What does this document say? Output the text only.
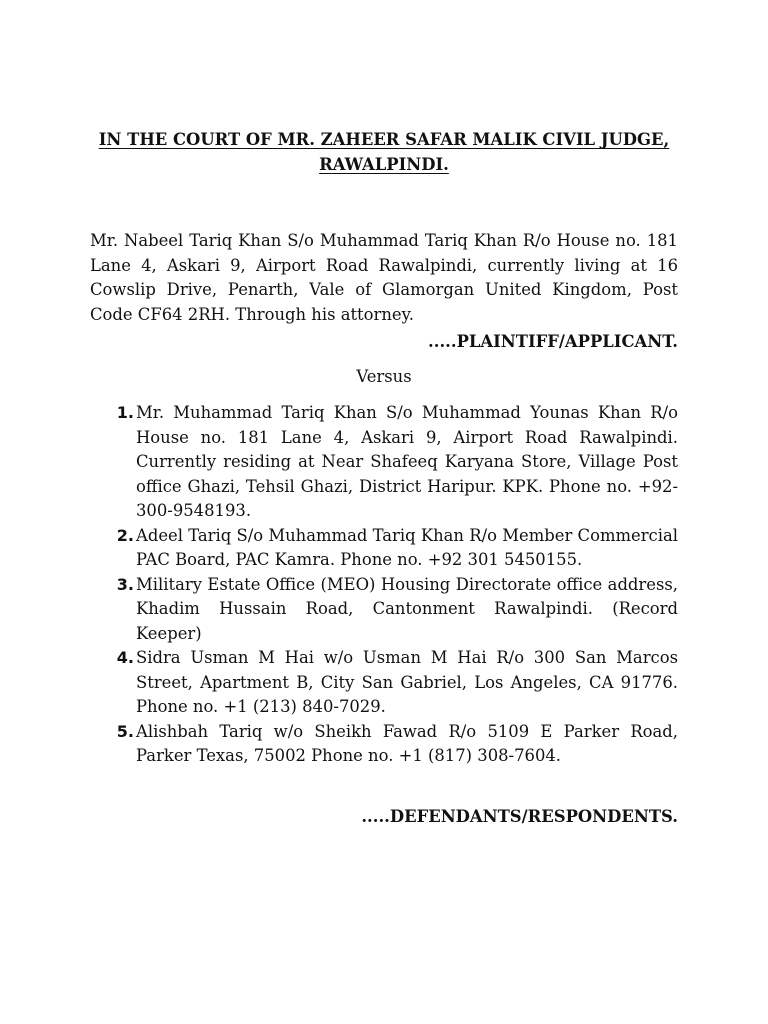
IN THE COURT OF MR. ZAHEER SAFAR MALIK CIVIL JUDGE,
RAWALPINDI.

Mr. Nabeel Tariq Khan S/o Muhammad Tariq Khan R/o House no. 181 Lane 4, Askari 9, Airport Road Rawalpindi, currently living at 16 Cowslip Drive, Penarth, Vale of Glamorgan United Kingdom, Post Code CF64 2RH. Through his attorney.

.....PLAINTIFF/APPLICANT.

Versus

1. Mr. Muhammad Tariq Khan S/o Muhammad Younas Khan R/o House no. 181 Lane 4, Askari 9, Airport Road Rawalpindi. Currently residing at Near Shafeeq Karyana Store, Village Post office Ghazi, Tehsil Ghazi, District Haripur. KPK. Phone no. +92-300-9548193.
2. Adeel Tariq S/o Muhammad Tariq Khan R/o Member Commercial PAC Board, PAC Kamra. Phone no. +92 301 5450155.
3. Military Estate Office (MEO) Housing Directorate office address, Khadim Hussain Road, Cantonment Rawalpindi. (Record Keeper)
4. Sidra Usman M Hai w/o Usman M Hai R/o 300 San Marcos Street, Apartment B, City San Gabriel, Los Angeles, CA 91776. Phone no. +1 (213) 840-7029.
5. Alishbah Tariq w/o Sheikh Fawad R/o 5109 E Parker Road, Parker Texas, 75002 Phone no. +1 (817) 308-7604.

.....DEFENDANTS/RESPONDENTS.
